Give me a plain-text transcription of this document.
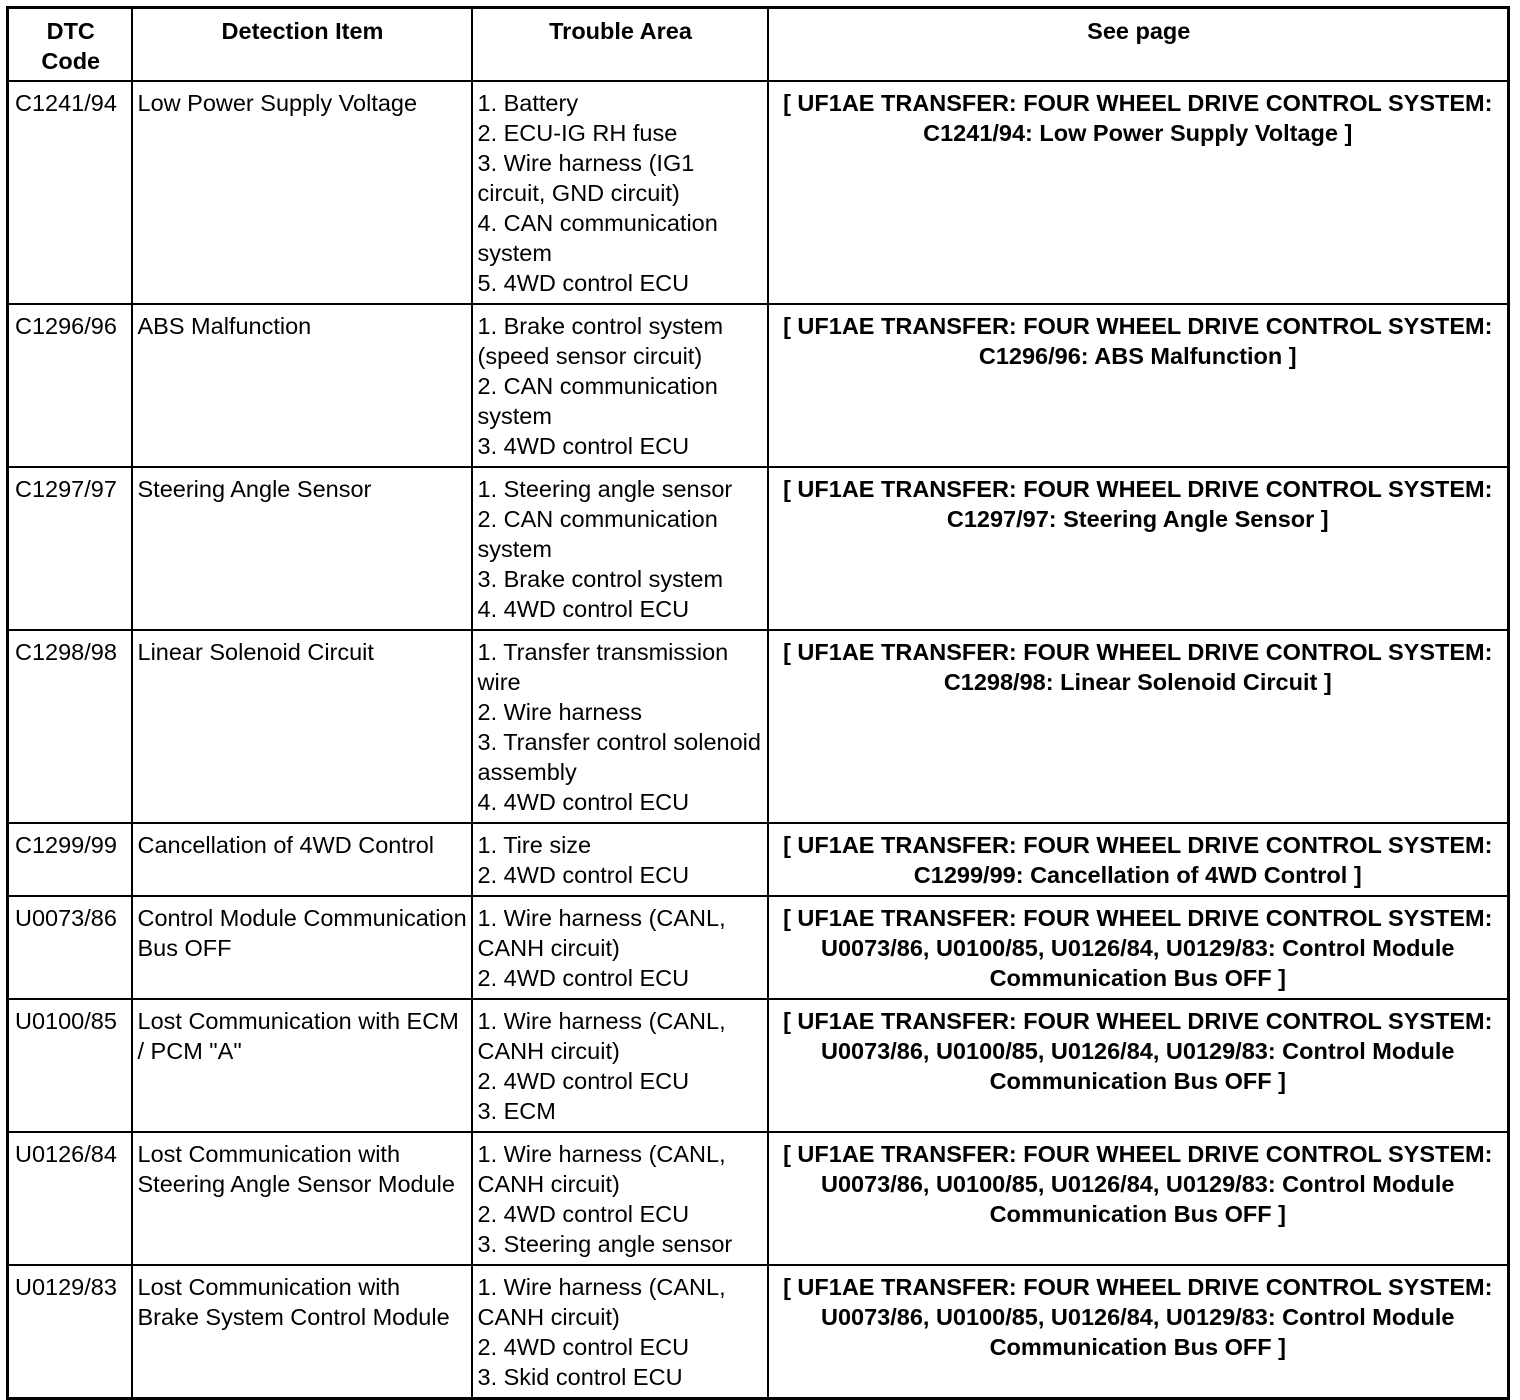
DTC
Code	Detection Item	Trouble Area	See page
C1241/94	Low Power Supply Voltage	1. Battery
2. ECU-IG RH fuse
3. Wire harness (IG1 circuit, GND circuit)
4. CAN communication system
5. 4WD control ECU	[ UF1AE TRANSFER: FOUR WHEEL DRIVE CONTROL SYSTEM: C1241/94: Low Power Supply Voltage ]
C1296/96	ABS Malfunction	1. Brake control system (speed sensor circuit)
2. CAN communication system
3. 4WD control ECU	[ UF1AE TRANSFER: FOUR WHEEL DRIVE CONTROL SYSTEM: C1296/96: ABS Malfunction ]
C1297/97	Steering Angle Sensor	1. Steering angle sensor
2. CAN communication system
3. Brake control system
4. 4WD control ECU	[ UF1AE TRANSFER: FOUR WHEEL DRIVE CONTROL SYSTEM: C1297/97: Steering Angle Sensor ]
C1298/98	Linear Solenoid Circuit	1. Transfer transmission wire
2. Wire harness
3. Transfer control solenoid assembly
4. 4WD control ECU	[ UF1AE TRANSFER: FOUR WHEEL DRIVE CONTROL SYSTEM: C1298/98: Linear Solenoid Circuit ]
C1299/99	Cancellation of 4WD Control	1. Tire size
2. 4WD control ECU	[ UF1AE TRANSFER: FOUR WHEEL DRIVE CONTROL SYSTEM: C1299/99: Cancellation of 4WD Control ]
U0073/86	Control Module Communication Bus OFF	1. Wire harness (CANL, CANH circuit)
2. 4WD control ECU	[ UF1AE TRANSFER: FOUR WHEEL DRIVE CONTROL SYSTEM: U0073/86, U0100/85, U0126/84, U0129/83: Control Module Communication Bus OFF ]
U0100/85	Lost Communication with ECM / PCM "A"	1. Wire harness (CANL, CANH circuit)
2. 4WD control ECU
3. ECM	[ UF1AE TRANSFER: FOUR WHEEL DRIVE CONTROL SYSTEM: U0073/86, U0100/85, U0126/84, U0129/83: Control Module Communication Bus OFF ]
U0126/84	Lost Communication with Steering Angle Sensor Module	1. Wire harness (CANL, CANH circuit)
2. 4WD control ECU
3. Steering angle sensor	[ UF1AE TRANSFER: FOUR WHEEL DRIVE CONTROL SYSTEM: U0073/86, U0100/85, U0126/84, U0129/83: Control Module Communication Bus OFF ]
U0129/83	Lost Communication with Brake System Control Module	1. Wire harness (CANL, CANH circuit)
2. 4WD control ECU
3. Skid control ECU	[ UF1AE TRANSFER: FOUR WHEEL DRIVE CONTROL SYSTEM: U0073/86, U0100/85, U0126/84, U0129/83: Control Module Communication Bus OFF ]
